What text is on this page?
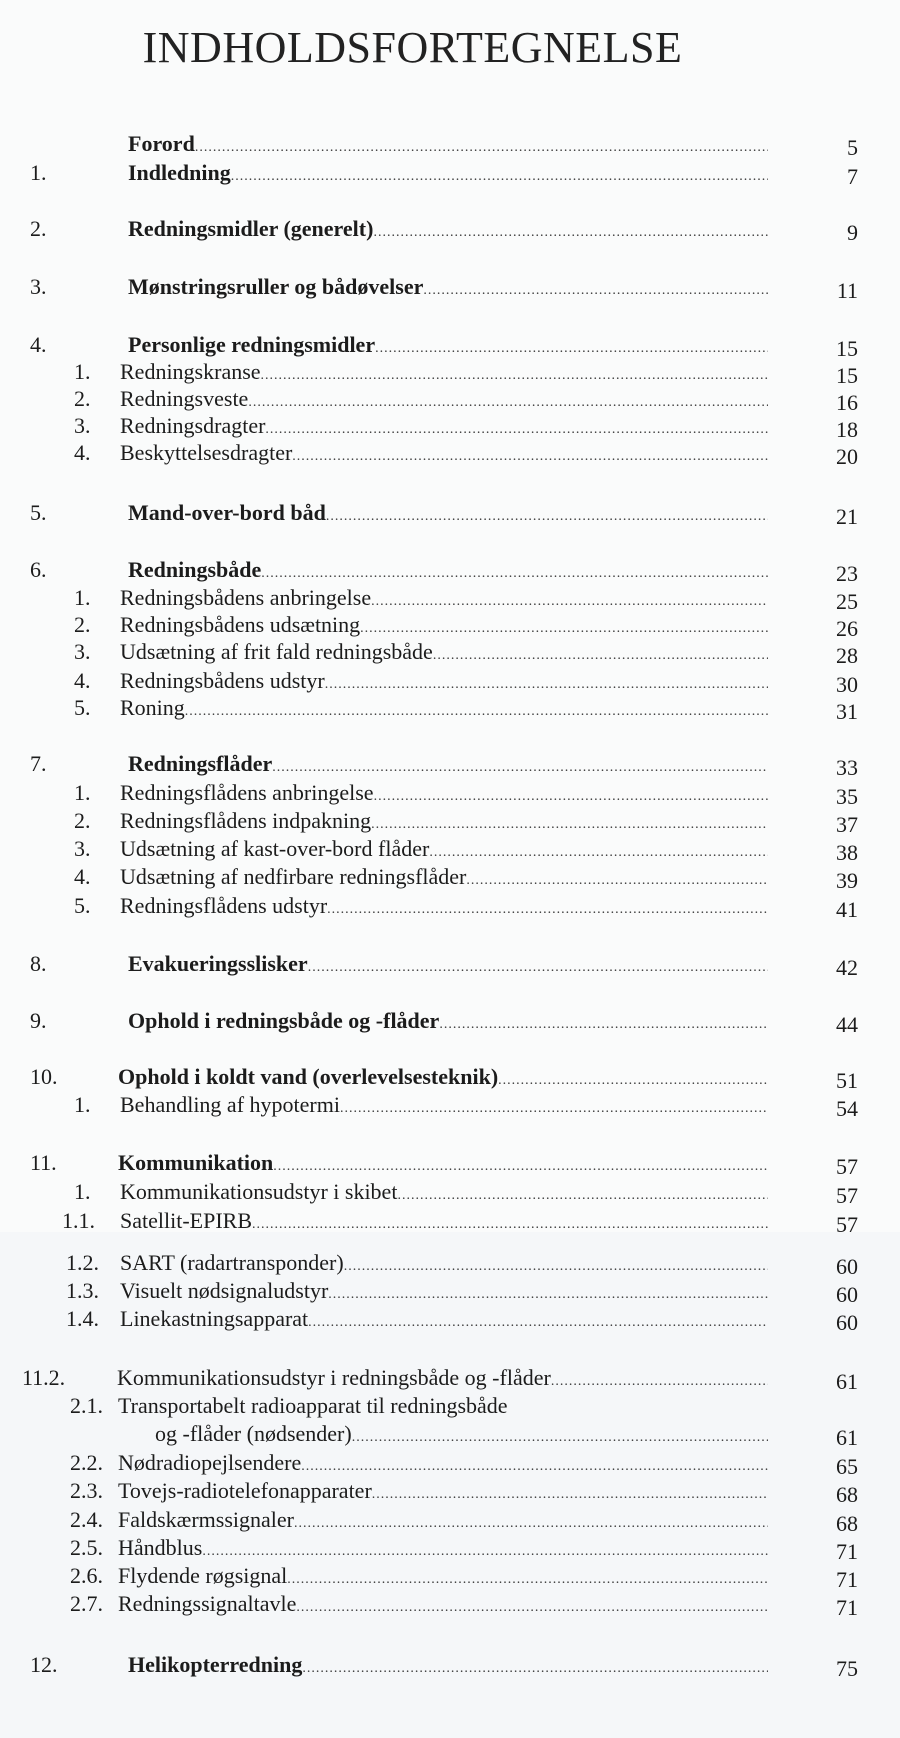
INDHOLDSFORTEGNELSE
Forord .....	5
1.	Indledning .....	7
2.	Redningsmidler (generelt) .....	9
3.	Mønstringsruller og bådøvelser .....	11
4.	Personlige redningsmidler .....	15
1. Redningskranse .....	15
2. Redningsveste .....	16
3. Redningsdragter .....	18
4. Beskyttelsesdragter .....	20
5.	Mand-over-bord båd .....	21
6.	Redningsbåde .....	23
1. Redningsbådens anbringelse .....	25
2. Redningsbådens udsætning .....	26
3. Udsætning af frit fald redningsbåde .....	28
4. Redningsbådens udstyr .....	30
5. Roning .....	31
7.	Redningsflåder .....	33
1. Redningsflådens anbringelse .....	35
2. Redningsflådens indpakning .....	37
3. Udsætning af kast-over-bord flåder .....	38
4. Udsætning af nedfirbare redningsflåder .....	39
5. Redningsflådens udstyr .....	41
8.	Evakueringsslisker .....	42
9.	Ophold i redningsbåde og -flåder .....	44
10.	Ophold i koldt vand (overlevelsesteknik) .....	51
1. Behandling af hypotermi .....	54
11.	Kommunikation .....	57
1. Kommunikationsudstyr i skibet .....	57
1.1. Satellit-EPIRB .....	57
1.2. SART (radartransponder) .....	60
1.3. Visuelt nødsignaludstyr .....	60
1.4. Linekastningsapparat .....	60
11.2. Kommunikationsudstyr i redningsbåde og -flåder .....	61
2.1. Transportabelt radioapparat til redningsbåde
og -flåder (nødsender) .....	61
2.2. Nødradiopejlsendere .....	65
2.3. Tovejs-radiotelefonapparater .....	68
2.4. Faldskærmssignaler .....	68
2.5. Håndblus .....	71
2.6. Flydende røgsignal .....	71
2.7. Redningssignaltavle .....	71
12.	Helikopterredning .....	75
